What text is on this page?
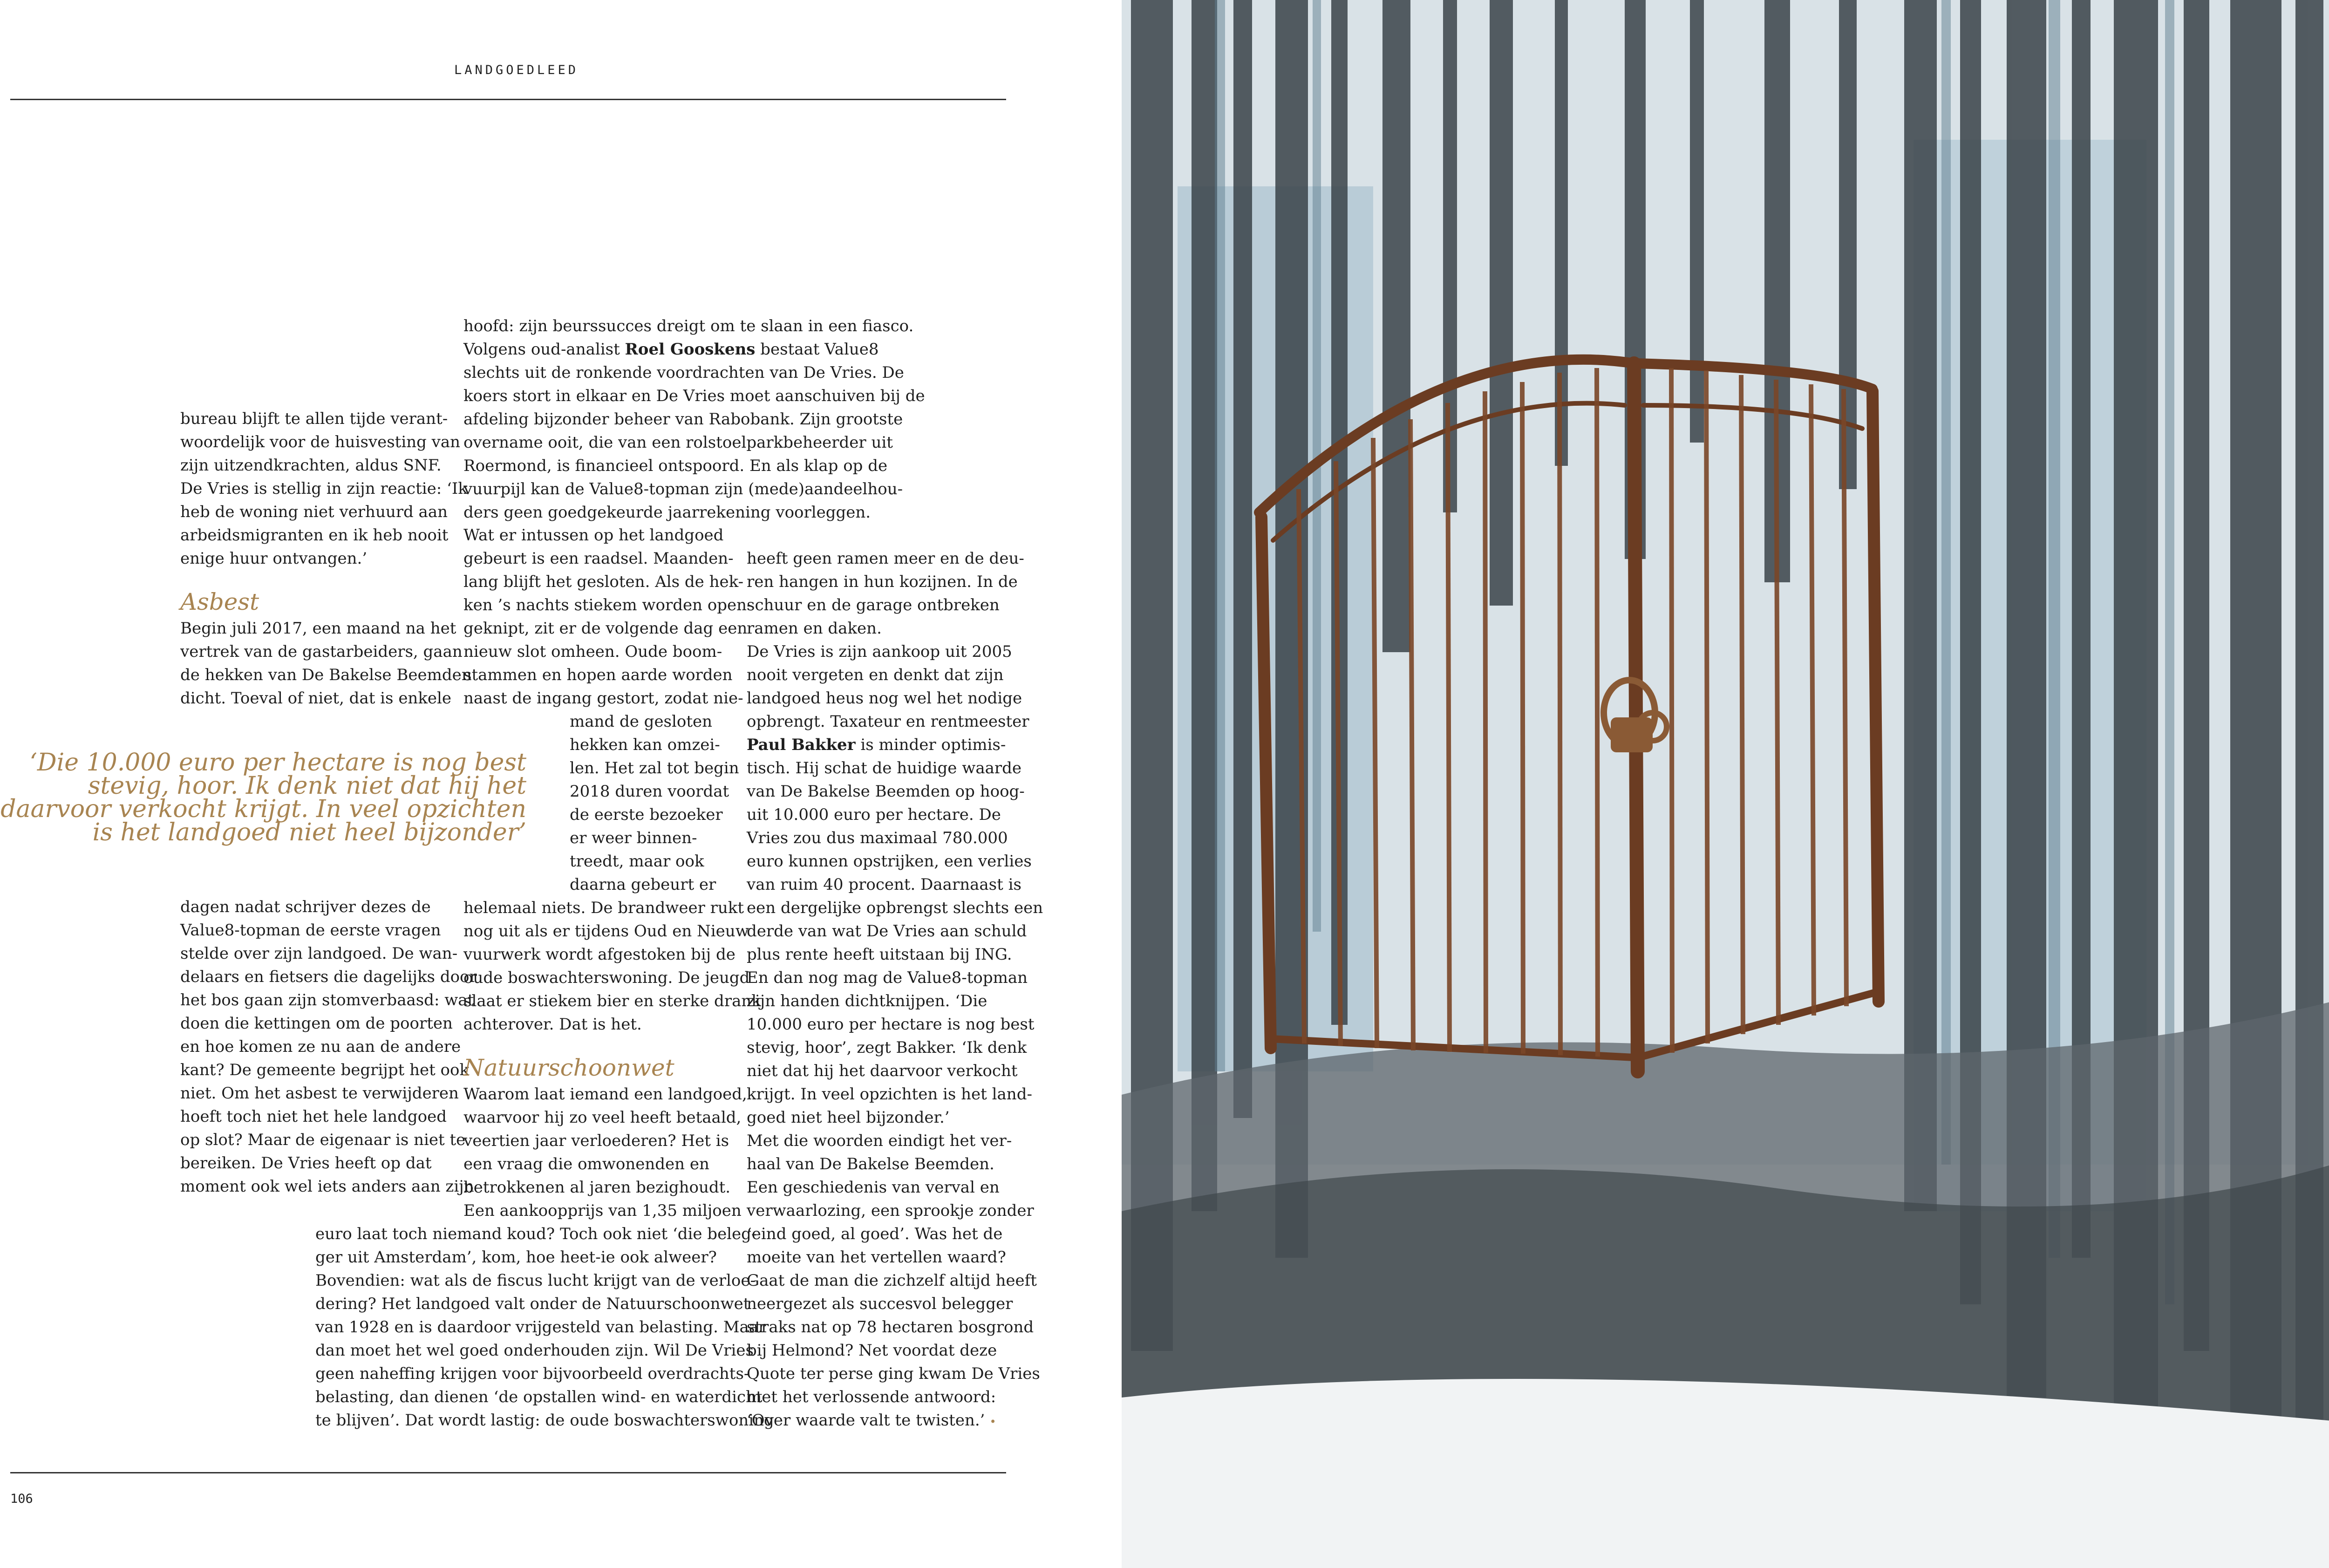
LANDGOEDLEED

bureau blijft te allen tijde verant-

woordelijk voor de huisvesting van

zijn uitzendkrachten, aldus SNF.

De Vries is stellig in zijn reactie: ‘Ik

heb de woning niet verhuurd aan

arbeidsmigranten en ik heb nooit

enige huur ontvangen.’

Asbest

Begin juli 2017, een maand na het

vertrek van de gastarbeiders, gaan

de hekken van De Bakelse Beemden

dicht. Toeval of niet, dat is enkele

‘Die 10.000 euro per hectare is nog best

stevig, hoor. Ik denk niet dat hij het

daarvoor verkocht krijgt. In veel opzichten

is het landgoed niet heel bijzonder’

dagen nadat schrijver dezes de

Value8-topman de eerste vragen

stelde over zijn landgoed. De wan-

delaars en fietsers die dagelijks door

het bos gaan zijn stomverbaasd: wat

doen die kettingen om de poorten

en hoe komen ze nu aan de andere

kant? De gemeente begrijpt het ook

niet. Om het asbest te verwijderen

hoeft toch niet het hele landgoed

op slot? Maar de eigenaar is niet te

bereiken. De Vries heeft op dat

moment ook wel iets anders aan zijn

hoofd: zijn beurssucces dreigt om te slaan in een fiasco.

Volgens oud-analist Roel Gooskens bestaat Value8

slechts uit de ronkende voordrachten van De Vries. De

koers stort in elkaar en De Vries moet aanschuiven bij de

afdeling bijzonder beheer van Rabobank. Zijn grootste

overname ooit, die van een rolstoelparkbeheerder uit

Roermond, is financieel ontspoord. En als klap op de

vuurpijl kan de Value8-topman zijn (mede)aandeelhou-

ders geen goedgekeurde jaarrekening voorleggen.

Wat er intussen op het landgoed

gebeurt is een raadsel. Maanden-

lang blijft het gesloten. Als de hek-

ken ’s nachts stiekem worden open-

geknipt, zit er de volgende dag een

nieuw slot omheen. Oude boom-

stammen en hopen aarde worden

naast de ingang gestort, zodat nie-

mand de gesloten

hekken kan omzei-

len. Het zal tot begin

2018 duren voordat

de eerste bezoeker

er weer binnen-

treedt, maar ook

daarna gebeurt er

helemaal niets. De brandweer rukt

nog uit als er tijdens Oud en Nieuw

vuurwerk wordt afgestoken bij de

oude boswachterswoning. De jeugd

slaat er stiekem bier en sterke drank

achterover. Dat is het.

Natuurschoonwet

Waarom laat iemand een landgoed,

waarvoor hij zo veel heeft betaald,

veertien jaar verloederen? Het is

een vraag die omwonenden en

betrokkenen al jaren bezighoudt.

Een aankoopprijs van 1,35 miljoen

euro laat toch niemand koud? Toch ook niet ‘die beleg-

ger uit Amsterdam’, kom, hoe heet-ie ook alweer?

Bovendien: wat als de fiscus lucht krijgt van de verloe-

dering? Het landgoed valt onder de Natuurschoonwet

van 1928 en is daardoor vrijgesteld van belasting. Maar

dan moet het wel goed onderhouden zijn. Wil De Vries

geen naheffing krijgen voor bijvoorbeeld overdrachts-

belasting, dan dienen ‘de opstallen wind- en waterdicht

te blijven’. Dat wordt lastig: de oude boswachterswoning

heeft geen ramen meer en de deu-

ren hangen in hun kozijnen. In de

schuur en de garage ontbreken

ramen en daken.

De Vries is zijn aankoop uit 2005

nooit vergeten en denkt dat zijn

landgoed heus nog wel het nodige

opbrengt. Taxateur en rentmeester

Paul Bakker is minder optimis-

tisch. Hij schat de huidige waarde

van De Bakelse Beemden op hoog-

uit 10.000 euro per hectare. De

Vries zou dus maximaal 780.000

euro kunnen opstrijken, een verlies

van ruim 40 procent. Daarnaast is

een dergelijke opbrengst slechts een

derde van wat De Vries aan schuld

plus rente heeft uitstaan bij ING.

En dan nog mag de Value8-topman

zijn handen dichtknijpen. ‘Die

10.000 euro per hectare is nog best

stevig, hoor’, zegt Bakker. ‘Ik denk

niet dat hij het daarvoor verkocht

krijgt. In veel opzichten is het land-

goed niet heel bijzonder.’

Met die woorden eindigt het ver-

haal van De Bakelse Beemden.

Een geschiedenis van verval en

verwaarlozing, een sprookje zonder

‘eind goed, al goed’. Was het de

moeite van het vertellen waard?

Gaat de man die zichzelf altijd heeft

neergezet als succesvol belegger

straks nat op 78 hectaren bosgrond

bij Helmond? Net voordat deze

Quote ter perse ging kwam De Vries

met het verlossende antwoord:

‘Over waarde valt te twisten.’ •

106
